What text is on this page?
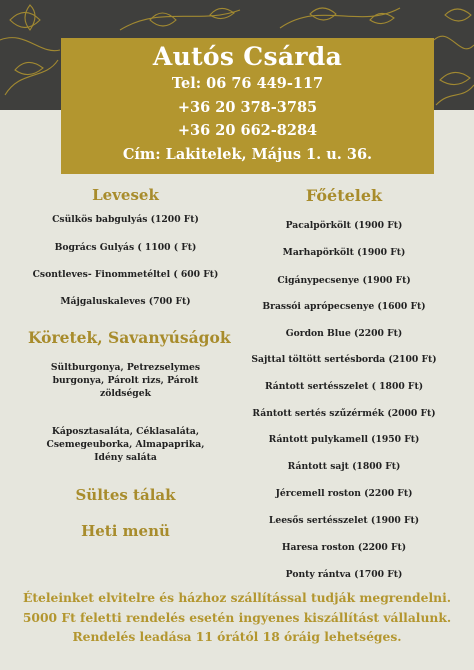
Autós Csárda
Tel: 06 76 449-117
+36 20 378-3785
+36 20 662-8284
Cím: Lakitelek, Május 1. u. 36.
Levesek
Csülkös babgulyás (1200 Ft)
Bogrács Gulyás ( 1100 ( Ft)
Csontleves- Finommetéltel ( 600 Ft)
Májgaluskaleves (700 Ft)
Köretek, Savanyúságok
Sültburgonya, Petrezselymes burgonya, Párolt rizs, Párolt zöldségek
Káposztasaláta, Céklasaláta, Csemegeuborka, Almapaprika, Idény saláta
Sültes tálak
Heti menü
Főételek
Pacalpörkölt (1900 Ft)
Marhapörkölt (1900 Ft)
Cigánypecsenye (1900 Ft)
Brassói aprópecsenye (1600 Ft)
Gordon Blue (2200 Ft)
Sajttal töltött sertésborda (2100 Ft)
Rántott sertésszelet ( 1800 Ft)
Rántott sertés szűzérmék (2000 Ft)
Rántott pulykamell (1950 Ft)
Rántott sajt (1800 Ft)
Jércemell roston (2200 Ft)
Leesős sertésszelet (1900 Ft)
Haresa roston (2200 Ft)
Ponty rántva (1700 Ft)
Ételeinket elvitelre és házhoz szállítással tudják megrendelni.
5000 Ft feletti rendelés esetén ingyenes kiszállítást vállalunk.
Rendelés leadása 11 órától 18 óráig lehetséges.
